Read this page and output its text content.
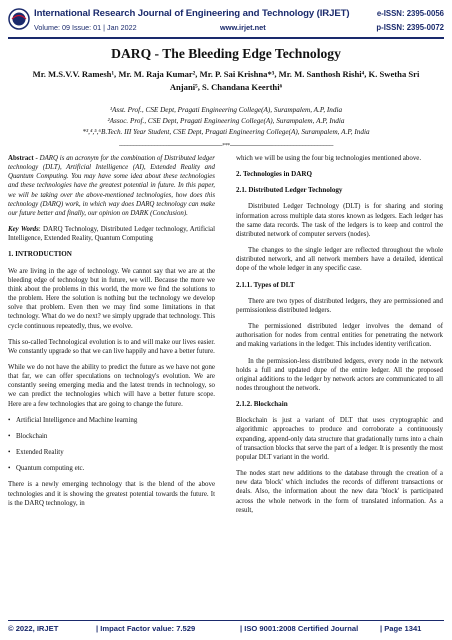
International Research Journal of Engineering and Technology (IRJET)
Volume: 09 Issue: 01 | Jan 2022	www.irjet.net
e-ISSN: 2395-0056
p-ISSN: 2395-0072
DARQ - The Bleeding Edge Technology
Mr. M.S.V.V. Ramesh¹, Mr. M. Raja Kumar², Mr. P. Sai Krishna*³, Mr. M. Santhosh Rishi⁴, K. Swetha Sri Anjani⁵, S. Chandana Keerthi⁶
¹Asst. Prof., CSE Dept, Pragati Engineering College(A), Surampalem, A.P, India
²Assoc. Prof., CSE Dept, Pragati Engineering College(A), Surampalem, A.P, India
*³,⁴,⁵,⁶B.Tech. III Year Student, CSE Dept, Pragati Engineering College(A), Surampalem, A.P, India
---------------------------------------------------------------------***---------------------------------------------------------------------

Abstract - DARQ is an acronym for the combination of Distributed ledger technology (DLT), Artificial Intelligence (AI), Extended Reality and Quantum Computing. You may have some idea about these technologies and these technologies have the greatest potential in future. In this paper, we will be taking over the above-mentioned technologies, how does this technology (DARQ) work, in which way does DARQ technology can make our future better and finally, our opinion on DARK (Conclusion).

Key Words: DARQ Technology, Distributed Ledger technology, Artificial Intelligence, Extended Reality, Quantum Computing

1. INTRODUCTION

We are living in the age of technology. We cannot say that we are at the bleeding edge of technology but in future, we will. Because the more we think about the problems in this world, the more we find the solutions to the problem. Here the solution is nothing but the technology we develop solve that problem. Even then we may find some limitations in that technology. What do we do next? we simply upgrade that technology. This cycle continuous repeatedly, thus, we evolve.

This so-called Technological evolution is to and will make our lives easier. We constantly upgrade so that we can live happily and have a better future.

While we do not have the ability to predict the future as we have not gone that far, we can offer speculations on technology's evolution. We are constantly seeing emerging media and the latest trends in technology, so we can predict the technologies which will have a better future scope. Here are a few technologies that are going to change the future.

• Artificial Intelligence and Machine learning
• Blockchain
• Extended Reality
• Quantum computing etc.

There is a newly emerging technology that is the blend of the above technologies and it is showing the greatest potential towards the future. It is the DARQ technology, in

which we will be using the four big technologies mentioned above.

2. Technologies in DARQ
2.1. Distributed Ledger Technology

Distributed Ledger Technology (DLT) is for sharing and storing information across multiple data stores known as ledgers. Each ledger has the same data records. The task of the ledgers is to keep and control the distributed network of computer servers (nodes).

The changes to the single ledger are reflected throughout the whole distributed network, and all network members have a detailed, identical dope of the whole ledger in any specific case.

2.1.1. Types of DLT

There are two types of distributed ledgers, they are permissioned and permissionless distributed ledgers.

The permissioned distributed ledger involves the demand of authorisation for nodes from central entities for penetrating the network and making variations in the ledger. This includes identity verification.

In the permission-less distributed ledgers, every node in the network holds a full and updated dupe of the entire ledger. All the proposed original additions to the ledger by network actors are communicated to all nodes throughout the network.

2.1.2. Blockchain

Blockchain is just a variant of DLT that uses cryptographic and algorithmic approaches to produce and corroborate a continuously expanding, append-only data structure that gradationally turns into a chain of transaction blocks that serve the part of a ledger. It is presently the most popular DLT variant in the world.

The nodes start new additions to the database through the creation of a new data 'block' which includes the records of different transactions or deals. Also, the information about the new data 'block' is participated across the whole network in the form of translated information. As a result,

© 2022, IRJET	| Impact Factor value: 7.529	| ISO 9001:2008 Certified Journal	| Page 1341
